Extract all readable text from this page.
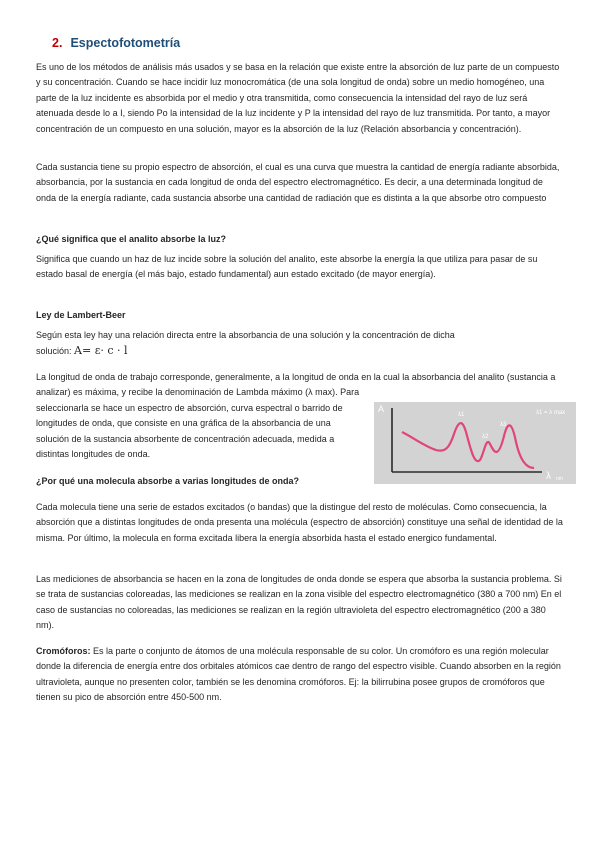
2. Espectofotometría

Es uno de los métodos de análisis más usados y se basa en la relación que existe entre la absorción de luz parte de un compuesto y su concentración. Cuando se hace incidir luz monocromática (de una sola longitud de onda) sobre un medio homogéneo, una parte de la luz incidente es absorbida por el medio y otra transmitida, como consecuencia la intensidad del rayo de luz será atenuada desde lo a I, siendo Po la intensidad de la luz incidente y P la intensidad del rayo de luz transmitida. Por tanto, a mayor concentración de un compuesto en una solución, mayor es la absorción de la luz (Relación absorbancia y concentración).

Cada sustancia tiene su propio espectro de absorción, el cual es una curva que muestra la cantidad de energía radiante absorbida, absorbancia, por la sustancia en cada longitud de onda del espectro electromagnético. Es decir, a una determinada longitud de onda de la energía radiante, cada sustancia absorbe una cantidad de radiación que es distinta a la que absorbe otro compuesto

¿Qué significa que el analito absorbe la luz?

Significa que cuando un haz de luz incide sobre la solución del analito, este absorbe la energía la que utiliza para pasar de su estado basal de energía (el más bajo, estado fundamental) aun estado excitado (de mayor energía).

Ley de Lambert-Beer

Según esta ley hay una relación directa entre la absorbancia de una solución y la concentración de dicha
solución: A= ε· c · l

La longitud de onda de trabajo corresponde, generalmente, a la longitud de onda en la cual la absorbancia del analito (sustancia a analizar) es máxima, y recibe la denominación de Lambda máximo (λ max). Para

seleccionarla se hace un espectro de absorción, curva espectral o barrido de longitudes de onda, que consiste en una gráfica de la absorbancia de una solución de la sustancia absorbente de concentración adecuada, medida a distintas longitudes de onda.

A
λ nm
λ1 = λ max
λ1
λ2
λ3

¿Por qué una molecula absorbe a varias longitudes de onda?

Cada molecula tiene una serie de estados excitados (o bandas) que la distingue del resto de moléculas. Como consecuencia, la absorción que a distintas longitudes de onda presenta una molécula (espectro de absorción) constituye una señal de identidad de la misma. Por último, la molecula en forma excitada libera la energía absorbida hasta el estado energico fundamental.

Las mediciones de absorbancia se hacen en la zona de longitudes de onda donde se espera que absorba la sustancia problema. Si se trata de sustancias coloreadas, las mediciones se realizan en la zona visible del espectro electromagnético (380 a 700 nm) En el caso de sustancias no coloreadas, las mediciones se realizan en la región ultravioleta del espectro electromagnético (200 a 380 nm).

Cromóforos: Es la parte o conjunto de átomos de una molécula responsable de su color. Un cromóforo es una región molecular donde la diferencia de energía entre dos orbitales atómicos cae dentro de rango del espectro visible. Cuando absorben en la región ultravioleta, aunque no presenten color, también se les denomina cromóforos. Ej: la bilirrubina posee grupos de cromóforos que tienen su pico de absorción entre 450-500 nm.
